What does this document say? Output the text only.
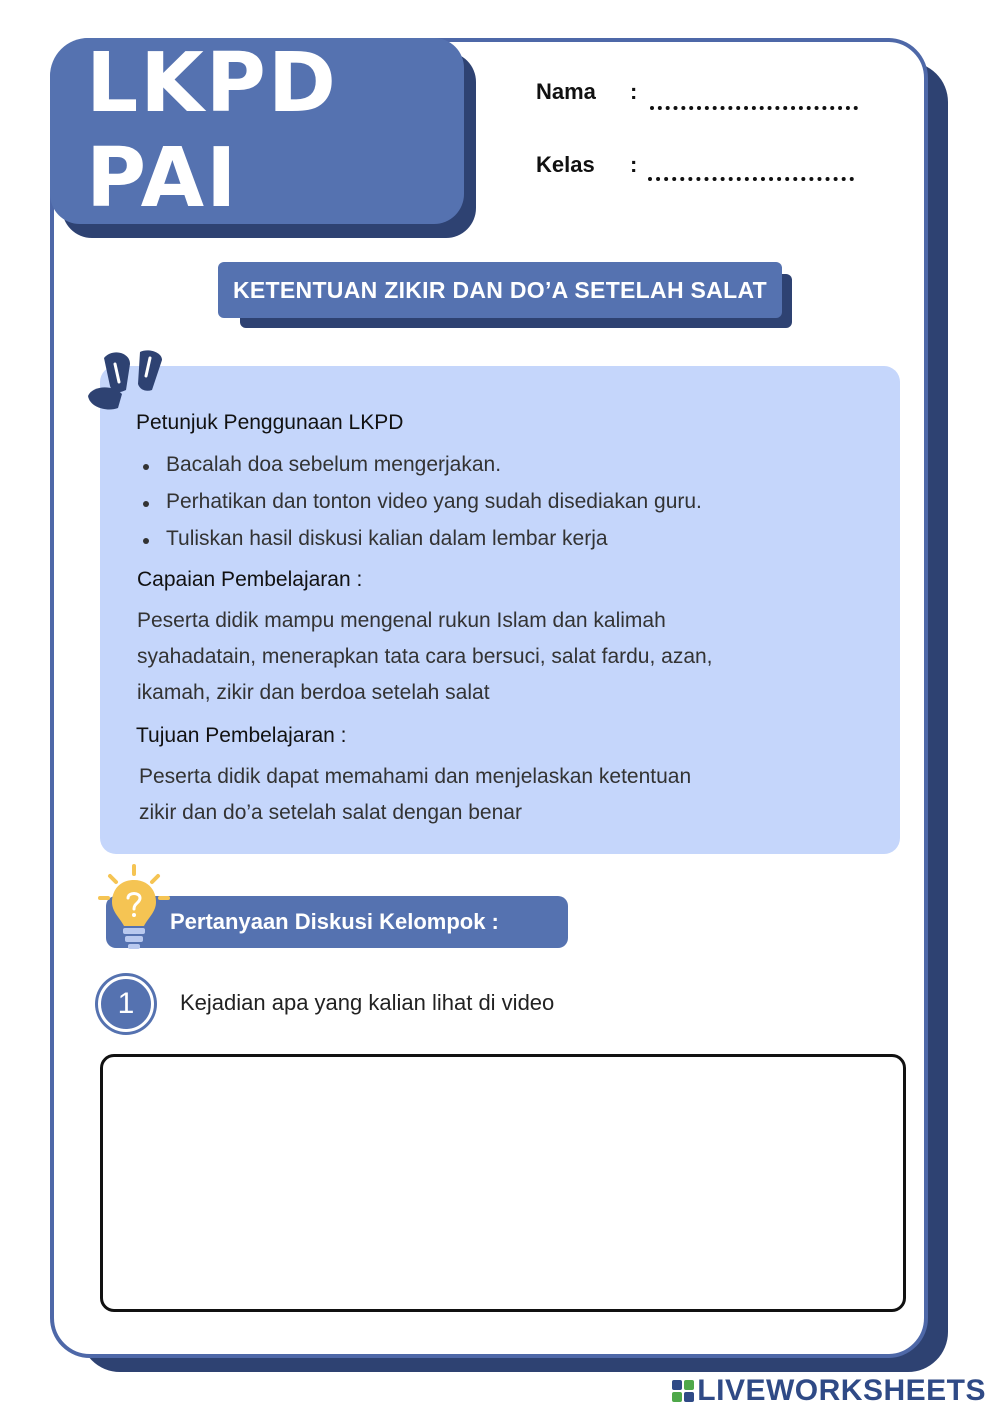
LKPD PAI
Nama :
Kelas :
KETENTUAN ZIKIR DAN DO’A SETELAH SALAT
Petunjuk Penggunaan LKPD
Bacalah doa sebelum mengerjakan.
Perhatikan dan tonton video yang sudah disediakan guru.
Tuliskan hasil diskusi kalian dalam lembar kerja
Capaian Pembelajaran :
Peserta didik mampu mengenal rukun Islam dan kalimah
syahadatain, menerapkan tata cara bersuci, salat fardu, azan,
ikamah, zikir dan berdoa setelah salat
Tujuan Pembelajaran :
Peserta didik dapat memahami dan menjelaskan ketentuan
zikir dan do’a setelah salat dengan benar
Pertanyaan Diskusi Kelompok :
1 Kejadian apa yang kalian lihat di video
LIVEWORKSHEETS
